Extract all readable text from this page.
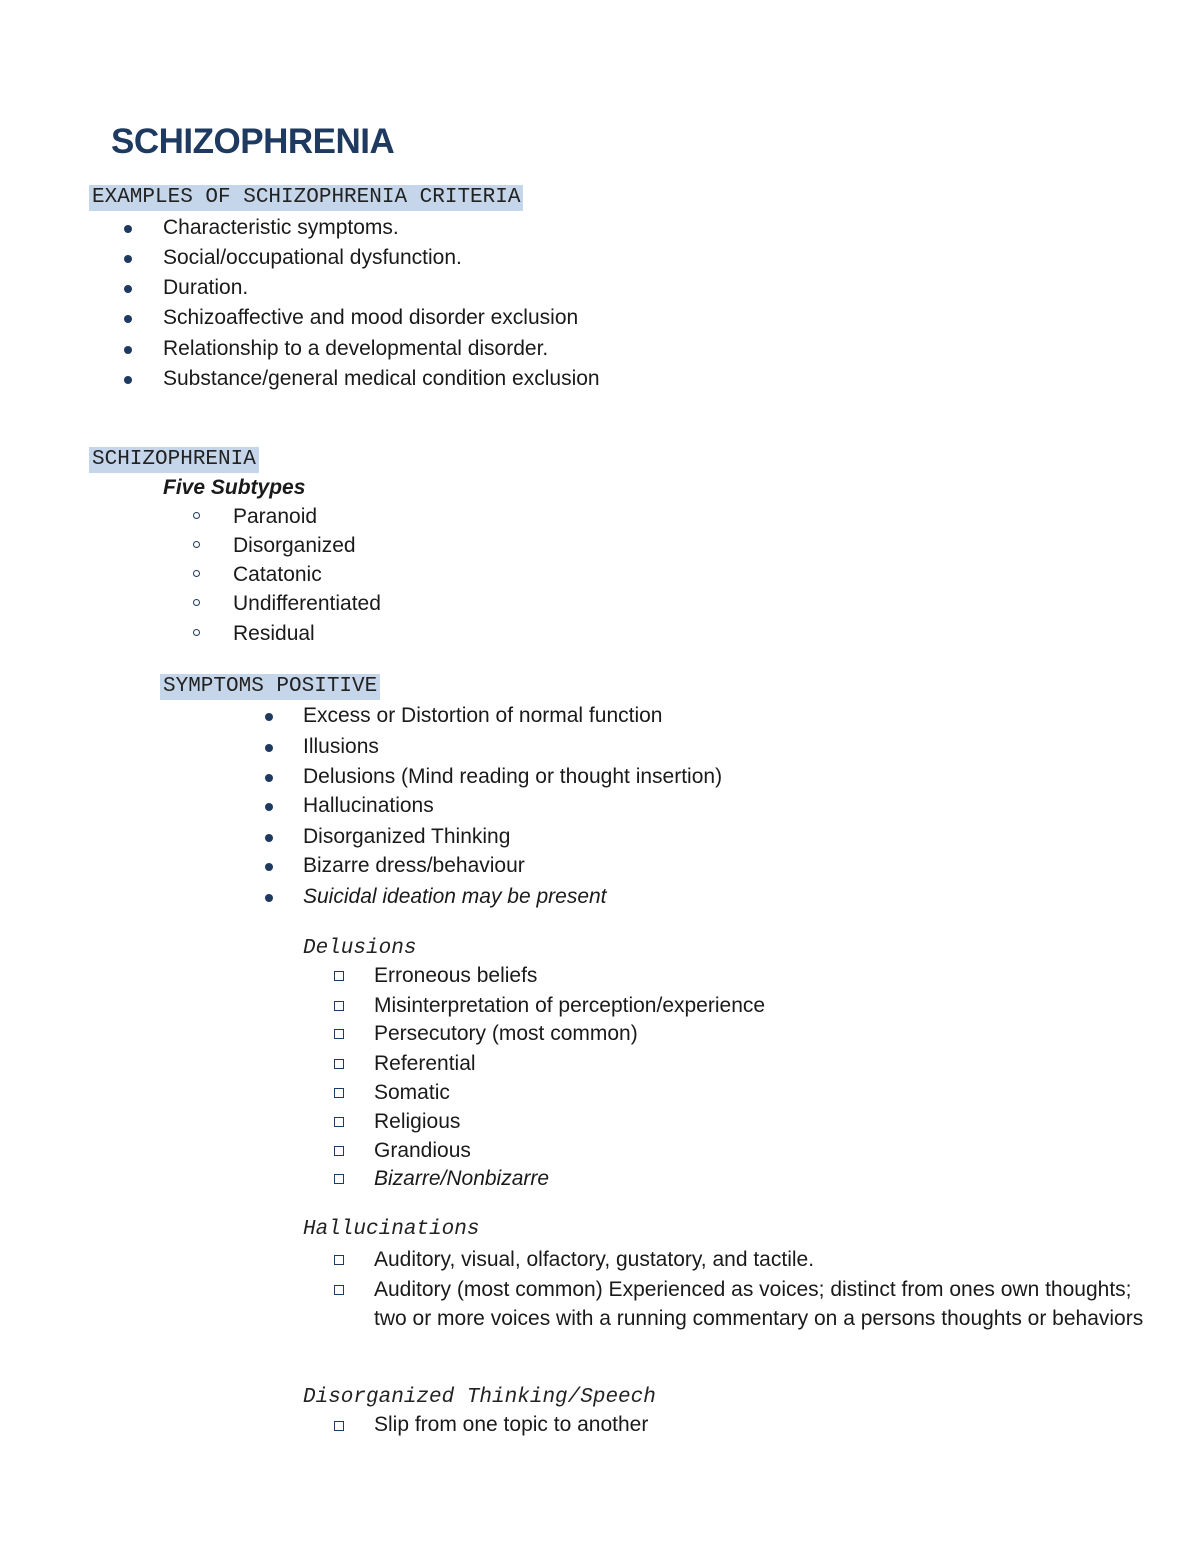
SCHIZOPHRENIA
EXAMPLES OF SCHIZOPHRENIA CRITERIA
Characteristic symptoms.
Social/occupational dysfunction.
Duration.
Schizoaffective and mood disorder exclusion
Relationship to a developmental disorder.
Substance/general medical condition exclusion
SCHIZOPHRENIA
Five Subtypes
Paranoid
Disorganized
Catatonic
Undifferentiated
Residual
SYMPTOMS POSITIVE
Excess or Distortion of normal function
Illusions
Delusions (Mind reading or thought insertion)
Hallucinations
Disorganized Thinking
Bizarre dress/behaviour
Suicidal ideation may be present
Delusions
Erroneous beliefs
Misinterpretation of perception/experience
Persecutory (most common)
Referential
Somatic
Religious
Grandious
Bizarre/Nonbizarre
Hallucinations
Auditory, visual, olfactory, gustatory, and tactile.
Auditory (most common) Experienced as voices; distinct from ones own thoughts; two or more voices with a running commentary on a persons thoughts or behaviors
Disorganized Thinking/Speech
Slip from one topic to another
